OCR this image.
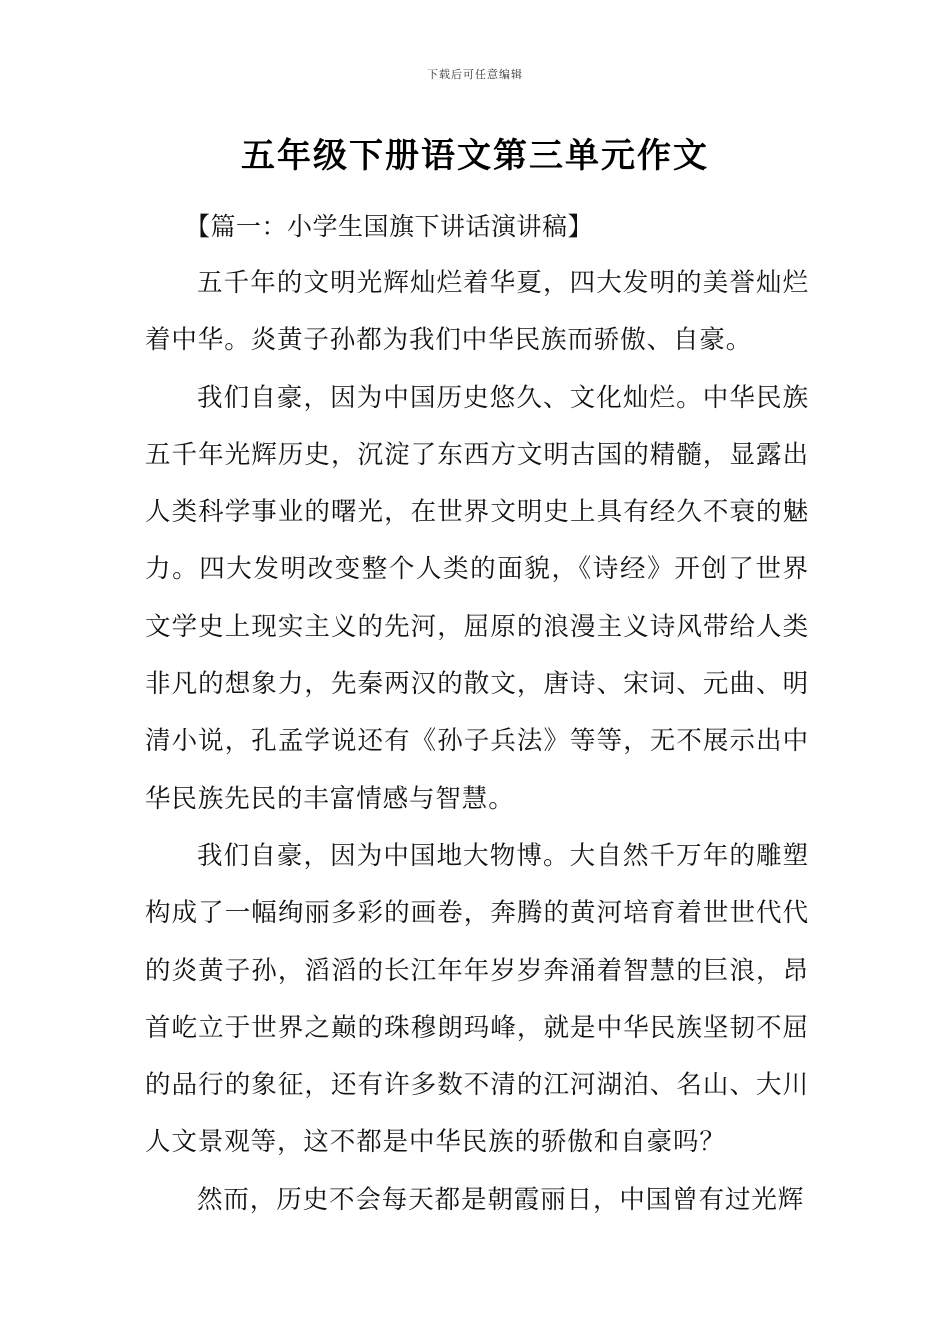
下载后可任意编辑
五年级下册语文第三单元作文

【篇一：小学生国旗下讲话演讲稿】

五千年的文明光辉灿烂着华夏，四大发明的美誉灿烂着中华。炎黄子孙都为我们中华民族而骄傲、自豪。

我们自豪，因为中国历史悠久、文化灿烂。中华民族五千年光辉历史，沉淀了东西方文明古国的精髓，显露出人类科学事业的曙光，在世界文明史上具有经久不衰的魅力。四大发明改变整个人类的面貌，《诗经》开创了世界文学史上现实主义的先河，屈原的浪漫主义诗风带给人类非凡的想象力，先秦两汉的散文，唐诗、宋词、元曲、明清小说，孔孟学说还有《孙子兵法》等等，无不展示出中华民族先民的丰富情感与智慧。

我们自豪，因为中国地大物博。大自然千万年的雕塑构成了一幅绚丽多彩的画卷，奔腾的黄河培育着世世代代的炎黄子孙，滔滔的长江年年岁岁奔涌着智慧的巨浪，昂首屹立于世界之巅的珠穆朗玛峰，就是中华民族坚韧不屈的品行的象征，还有许多数不清的江河湖泊、名山、大川人文景观等，这不都是中华民族的骄傲和自豪吗？

然而，历史不会每天都是朝霞丽日，中国曾有过光辉
